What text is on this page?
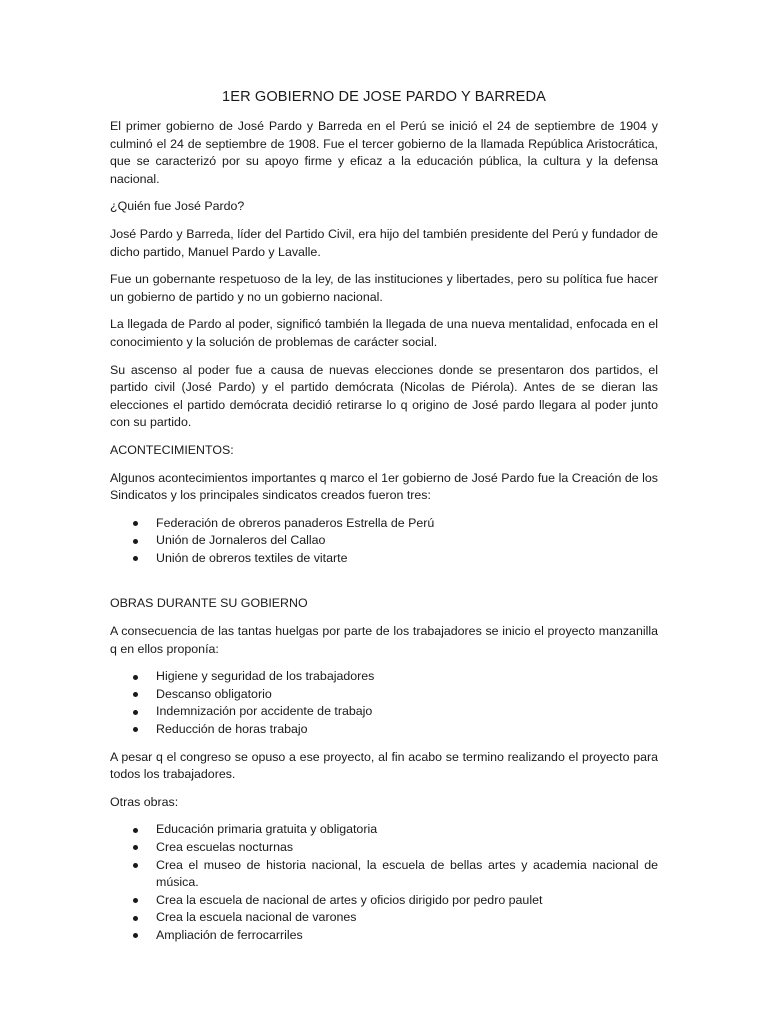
1ER GOBIERNO DE JOSE PARDO Y BARREDA

El primer gobierno de José Pardo y Barreda en el Perú se inició el 24 de septiembre de 1904 y culminó el 24 de septiembre de 1908. Fue el tercer gobierno de la llamada República Aristocrática, que se caracterizó por su apoyo firme y eficaz a la educación pública, la cultura y la defensa nacional.

¿Quién fue José Pardo?

José Pardo y Barreda, líder del Partido Civil, era hijo del también presidente del Perú y fundador de dicho partido, Manuel Pardo y Lavalle.

Fue un gobernante respetuoso de la ley, de las instituciones y libertades, pero su política fue hacer un gobierno de partido y no un gobierno nacional.

La llegada de Pardo al poder, significó también la llegada de una nueva mentalidad, enfocada en el conocimiento y la solución de problemas de carácter social.

Su ascenso al poder fue a causa de nuevas elecciones donde se presentaron dos partidos, el partido civil (José Pardo) y el partido demócrata (Nicolas de Piérola). Antes de se dieran las elecciones el partido demócrata decidió retirarse lo q origino de José pardo llegara al poder junto con su partido.

ACONTECIMIENTOS:

Algunos acontecimientos importantes q marco el 1er gobierno de José Pardo fue la Creación de los Sindicatos y los principales sindicatos creados fueron tres:

Federación de obreros panaderos Estrella de Perú
Unión de Jornaleros del Callao
Unión de obreros textiles de vitarte

OBRAS DURANTE SU GOBIERNO

A consecuencia de las tantas huelgas por parte de los trabajadores se inicio el proyecto manzanilla q en ellos proponía:

Higiene y seguridad de los trabajadores
Descanso obligatorio
Indemnización por accidente de trabajo
Reducción de horas trabajo

A pesar q el congreso se opuso a ese proyecto, al fin acabo se termino realizando el proyecto para todos los trabajadores.

Otras obras:

Educación primaria gratuita y obligatoria
Crea escuelas nocturnas
Crea el museo de historia nacional, la escuela de bellas artes y academia nacional de música.
Crea la escuela de nacional de artes y oficios dirigido por pedro paulet
Crea la escuela nacional de varones
Ampliación de ferrocarriles
